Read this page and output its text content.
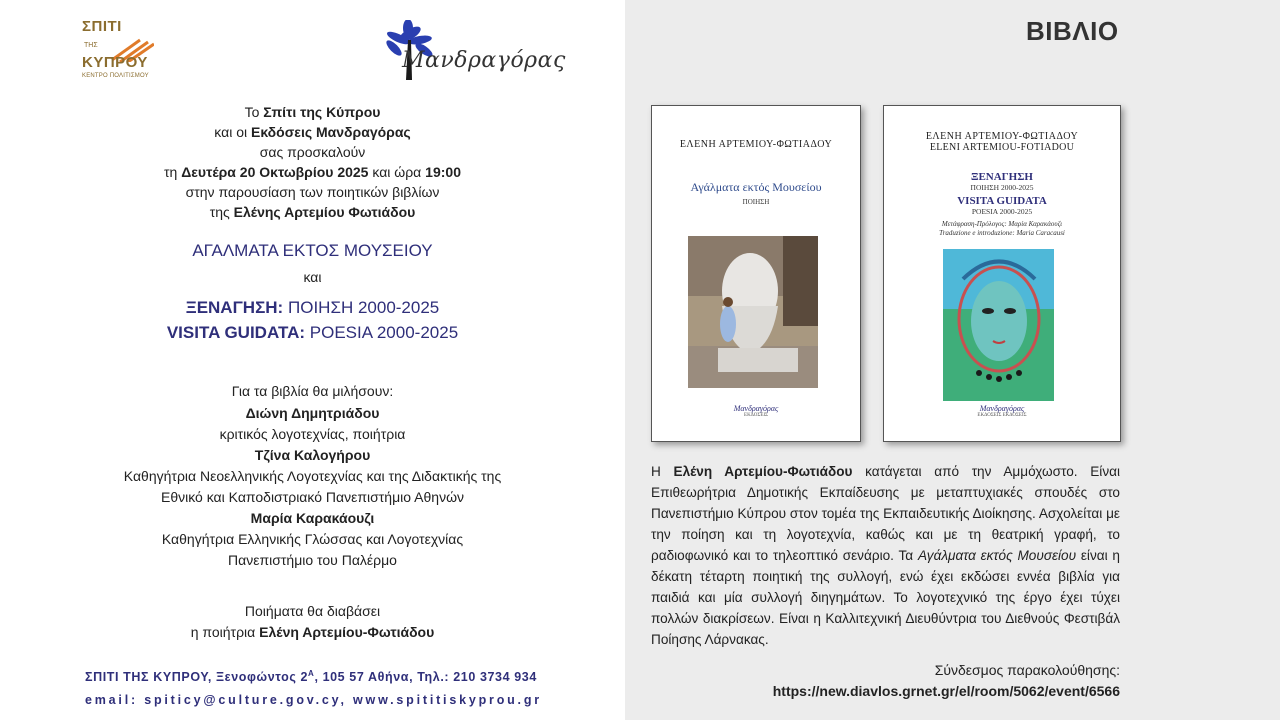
ΣΠΙΤΙ
ΤΗΣ
ΚΥΠΡΟΥ
ΚΕΝΤΡΟ ΠΟΛΙΤΙΣΜΟΥ
Μανδραγόρας
Το Σπίτι της Κύπρου
και οι Εκδόσεις Μανδραγόρας
σας προσκαλούν
τη Δευτέρα 20 Οκτωβρίου 2025 και ώρα 19:00
στην παρουσίαση των ποιητικών βιβλίων
της Ελένης Αρτεμίου Φωτιάδου
ΑΓΑΛΜΑΤΑ ΕΚΤΟΣ ΜΟΥΣΕΙΟΥ
και
ΞΕΝΑΓΗΣΗ: ΠΟΙΗΣΗ 2000-2025
VISITA GUIDATA: POESIA 2000-2025
Για τα βιβλία θα μιλήσουν:
Διώνη Δημητριάδου
κριτικός λογοτεχνίας, ποιήτρια
Τζίνα Καλογήρου
Καθηγήτρια Νεοελληνικής Λογοτεχνίας και της Διδακτικής της
Εθνικό και Καποδιστριακό Πανεπιστήμιο Αθηνών
Μαρία Καρακάουζι
Καθηγήτρια Ελληνικής Γλώσσας και Λογοτεχνίας
Πανεπιστήμιο του Παλέρμο
Ποιήματα θα διαβάσει
η ποιήτρια Ελένη Αρτεμίου-Φωτιάδου
ΣΠΙΤΙ ΤΗΣ ΚΥΠΡΟΥ, Ξενοφώντος $2^A$, 105 57 Αθήνα, Τηλ.: 210 3734 934
email: spiticy@culture.gov.cy, www.spititiskyprou.gr
ΒΙΒΛΙΟ
ΕΛΕΝΗ ΑΡΤΕΜΙΟΥ-ΦΩΤΙΑΔΟΥ
Αγάλματα εκτός Μουσείου
ΠΟΙΗΣΗ
Μανδραγόρας
ΕΚΔΟΣΕΙΣ
ΕΛΕΝΗ ΑΡΤΕΜΙΟΥ-ΦΩΤΙΑΔΟΥ
ELENI ARTEMIOU-FOTIADOU
ΞΕΝΑΓΗΣΗ
ΠΟΙΗΣΗ 2000-2025
VISITA GUIDATA
POESIA 2000-2025
Μετάφραση-Πρόλογος: Μαρία Καρακάουζι
Traduzione e introduzione: Maria Caracausi
Μανδραγόρας
ΕΚΔΟΣΕΙΣ ΕΚΔΟΣΕΙΣ
Η Ελένη Αρτεμίου-Φωτιάδου κατάγεται από την Αμμόχωστο. Είναι Επιθεωρήτρια Δημοτικής Εκπαίδευσης με μεταπτυχιακές σπουδές στο Πανεπιστήμιο Κύπρου στον τομέα της Εκπαιδευτικής Διοίκησης. Ασχολείται με την ποίηση και τη λογοτεχνία, καθώς και με τη θεατρική γραφή, το ραδιοφωνικό και το τηλεοπτικό σενάριο. Τα Αγάλματα εκτός Μουσείου είναι η δέκατη τέταρτη ποιητική της συλλογή, ενώ έχει εκδώσει εννέα βιβλία για παιδιά και μία συλλογή διηγημάτων. Το λογοτεχνικό της έργο έχει τύχει πολλών διακρίσεων. Είναι η Καλλιτεχνική Διευθύντρια του Διεθνούς Φεστιβάλ Ποίησης Λάρνακας.
Σύνδεσμος παρακολούθησης:
https://new.diavlos.grnet.gr/el/room/5062/event/6566
